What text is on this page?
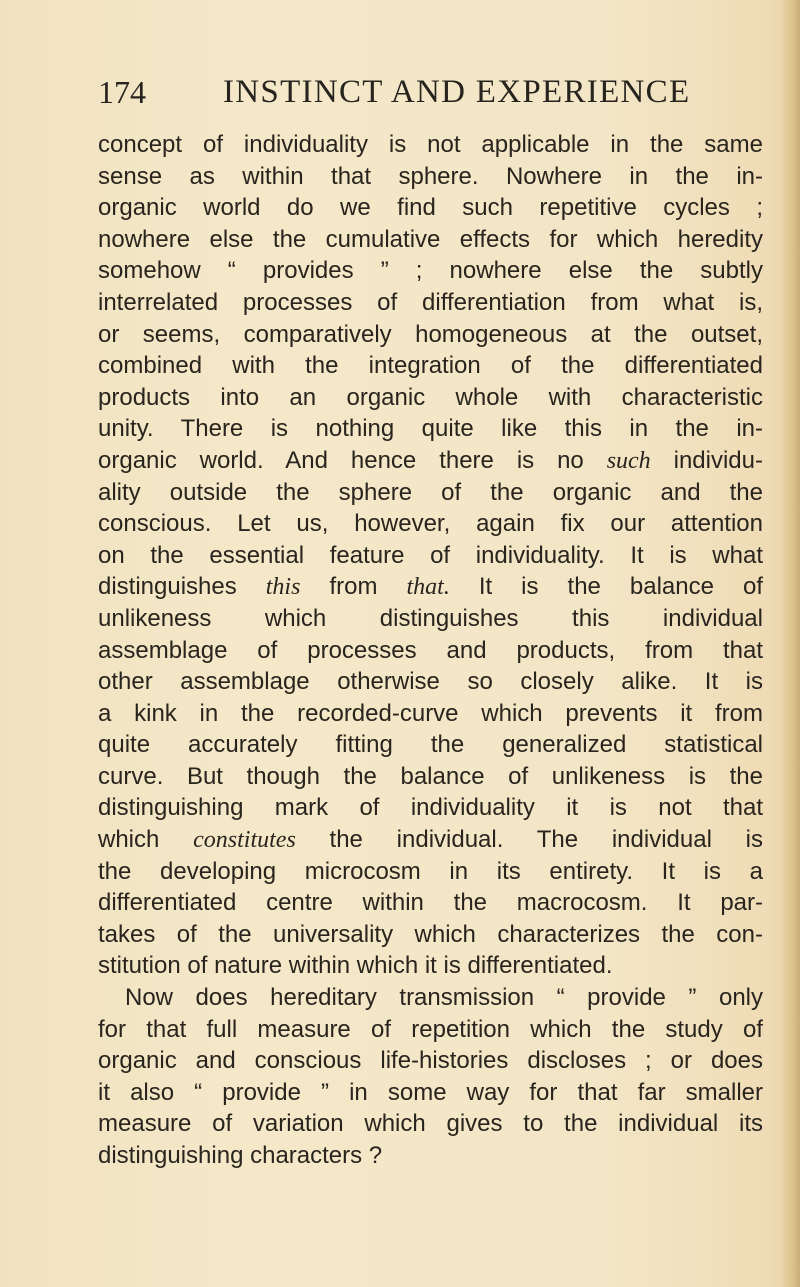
174 INSTINCT AND EXPERIENCE
concept of individuality is not applicable in the same
sense as within that sphere. Nowhere in the in-
organic world do we find such repetitive cycles ;
nowhere else the cumulative effects for which heredity
somehow “ provides ” ; nowhere else the subtly
interrelated processes of differentiation from what is,
or seems, comparatively homogeneous at the outset,
combined with the integration of the differentiated
products into an organic whole with characteristic
unity. There is nothing quite like this in the in-
organic world. And hence there is no such individu-
ality outside the sphere of the organic and the
conscious. Let us, however, again fix our attention
on the essential feature of individuality. It is what
distinguishes this from that. It is the balance of
unlikeness which distinguishes this individual
assemblage of processes and products, from that
other assemblage otherwise so closely alike. It is
a kink in the recorded-curve which prevents it from
quite accurately fitting the generalized statistical
curve. But though the balance of unlikeness is the
distinguishing mark of individuality it is not that
which constitutes the individual. The individual is
the developing microcosm in its entirety. It is a
differentiated centre within the macrocosm. It par-
takes of the universality which characterizes the con-
stitution of nature within which it is differentiated.
Now does hereditary transmission “ provide ” only
for that full measure of repetition which the study of
organic and conscious life-histories discloses ; or does
it also “ provide ” in some way for that far smaller
measure of variation which gives to the individual its
distinguishing characters ?
